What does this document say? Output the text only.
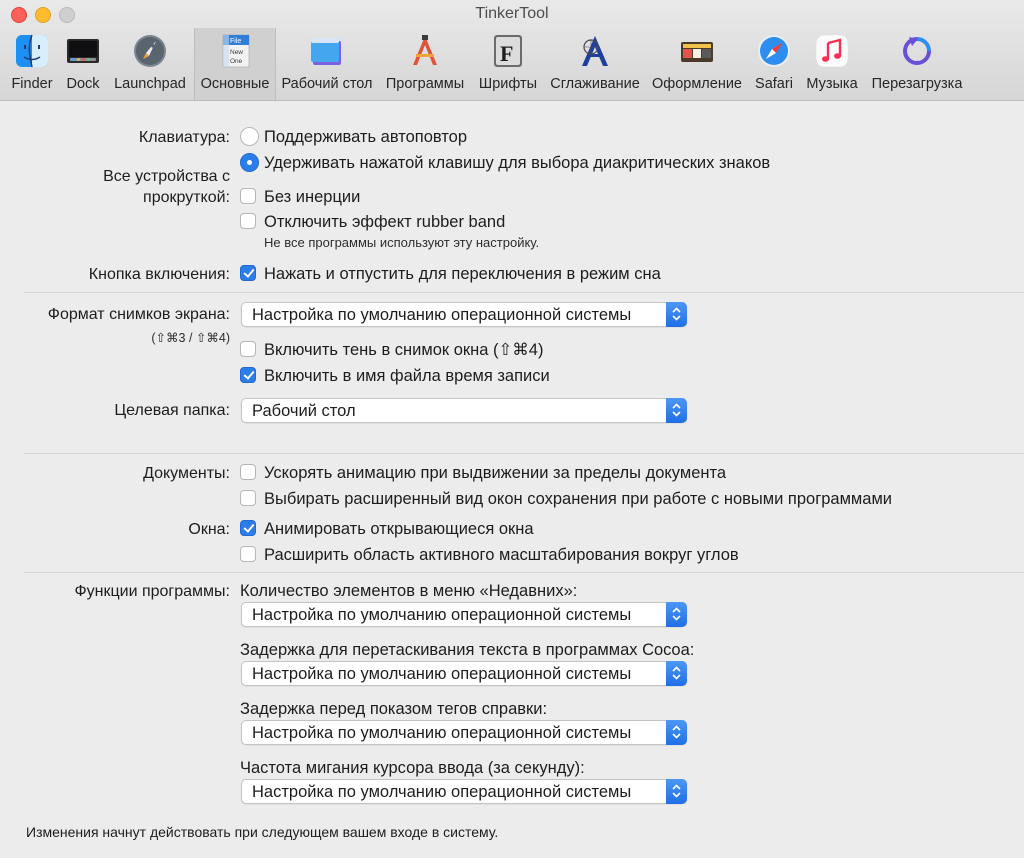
TinkerTool
Finder Dock	Launchpad
File
New
One
Основные Рабочий стол Программы
F
Шрифты Сглаживание Оформление Safari Музыка Перезагрузка
Клавиатура: Поддерживать автоповтор
Удерживать нажатой клавишу для выбора диакритических знаков
Все устройства с
прокруткой: Без инерции
Отключить эффект rubber band
Не все программы используют эту настройку.
Кнопка включения: Нажать и отпустить для переключения в режим сна
Формат снимков экрана:
(⇧⌘3 / ⇧⌘4)
Настройка по умолчанию операционной системы
Включить тень в снимок окна (⇧⌘4)
Включить в имя файла время записи
Целевая папка: Рабочий стол
Документы: Ускорять анимацию при выдвижении за пределы документа
Выбирать расширенный вид окон сохранения при работе с новыми программами
Окна: Анимировать открывающиеся окна
Расширить область активного масштабирования вокруг углов
Функции программы: Количество элементов в меню «Недавних»:
Настройка по умолчанию операционной системы
Задержка для перетаскивания текста в программах Cocoa:
Настройка по умолчанию операционной системы
Задержка перед показом тегов справки:
Настройка по умолчанию операционной системы
Частота мигания курсора ввода (за секунду):
Настройка по умолчанию операционной системы
Изменения начнут действовать при следующем вашем входе в систему.
